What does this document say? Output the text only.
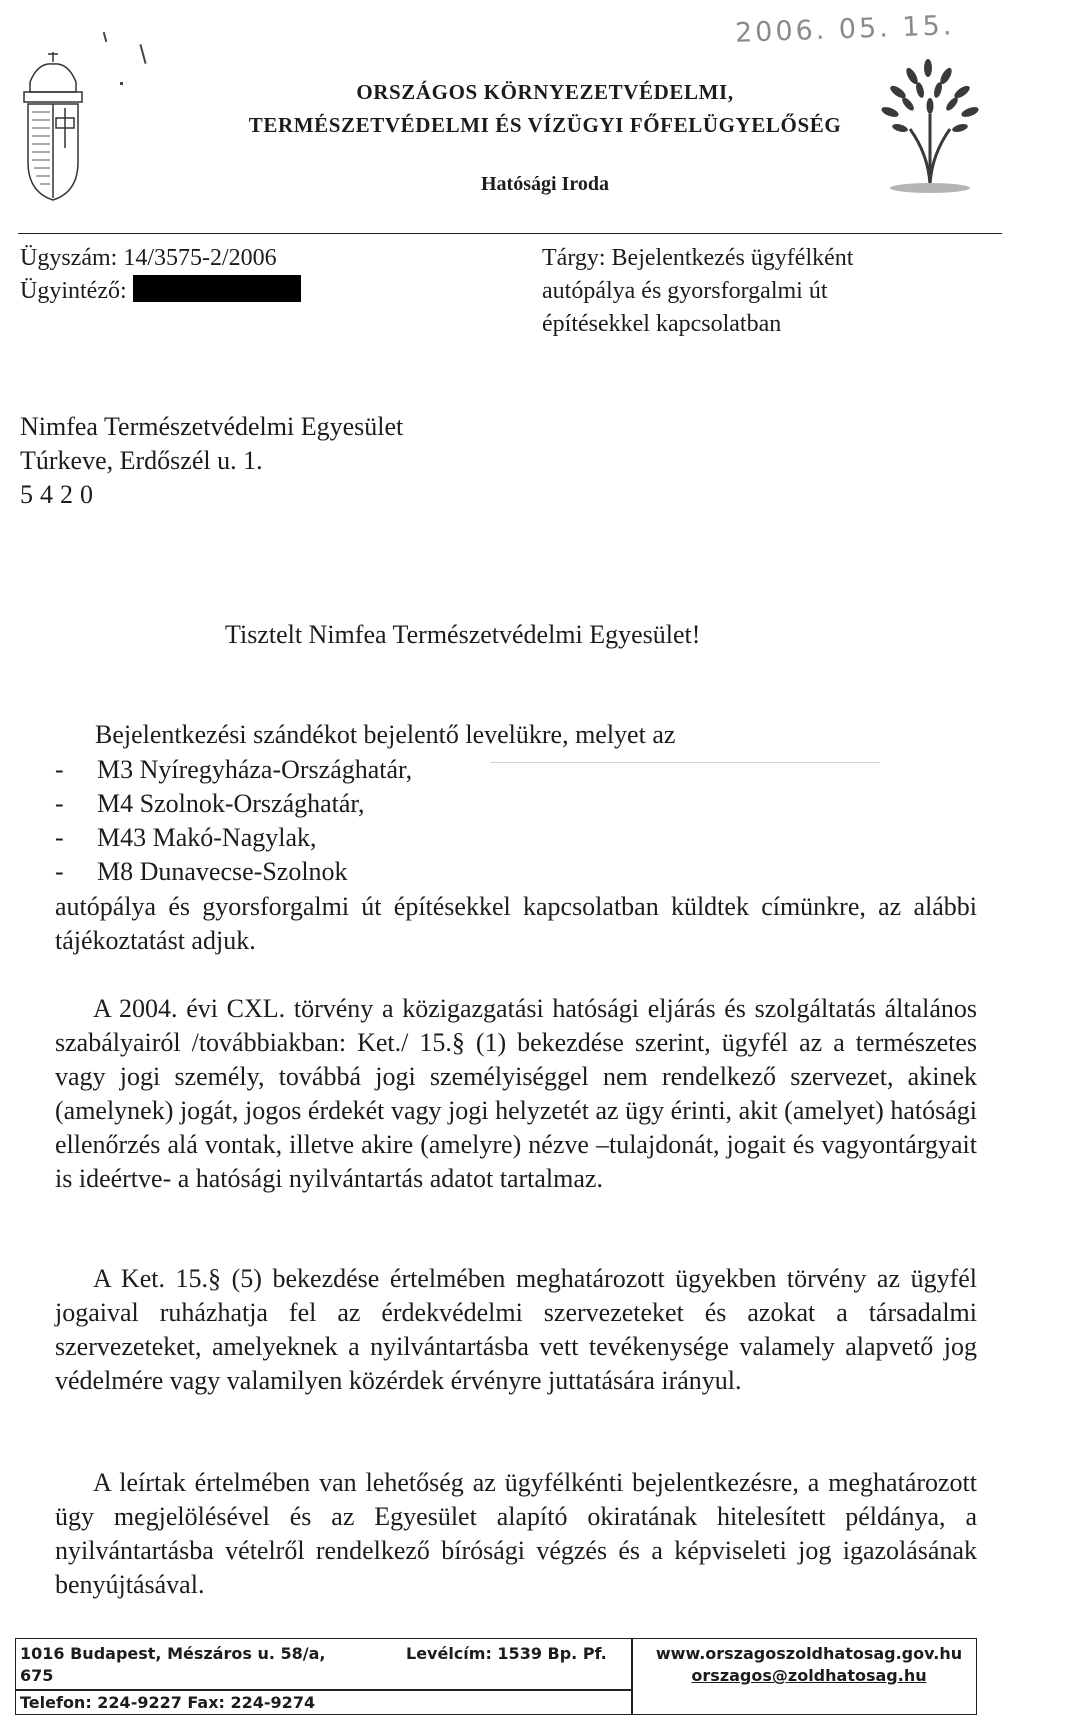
2006. 05. 15.
ORSZÁGOS KÖRNYEZETVÉDELMI,
TERMÉSZETVÉDELMI ÉS VÍZÜGYI FŐFELÜGYELŐSÉG
Hatósági Iroda
Ügyszám: 14/3575-2/2006
Ügyintéző:
Tárgy: Bejelentkezés ügyfélként
autópálya és gyorsforgalmi út
építésekkel kapcsolatban
Nimfea Természetvédelmi Egyesület
Túrkeve, Erdőszél u. 1.
5420
Tisztelt Nimfea Természetvédelmi Egyesület!
Bejelentkezési szándékot bejelentő levelükre, melyet az
- M3 Nyíregyháza-Országhatár,
- M4 Szolnok-Országhatár,
- M43 Makó-Nagylak,
- M8 Dunavecse-Szolnok

autópálya és gyorsforgalmi út építésekkel kapcsolatban küldtek címünkre, az alábbi tájékoztatást adjuk.

A 2004. évi CXL. törvény a közigazgatási hatósági eljárás és szolgáltatás általános szabályairól /továbbiakban: Ket./ 15.§ (1) bekezdése szerint, ügyfél az a természetes vagy jogi személy, továbbá jogi személyiséggel nem rendelkező szervezet, akinek (amelynek) jogát, jogos érdekét vagy jogi helyzetét az ügy érinti, akit (amelyet) hatósági ellenőrzés alá vontak, illetve akire (amelyre) nézve –tulajdonát, jogait és vagyontárgyait is ideértve- a hatósági nyilvántartás adatot tartalmaz.

A Ket. 15.§ (5) bekezdése értelmében meghatározott ügyekben törvény az ügyfél jogaival ruházhatja fel az érdekvédelmi szervezeteket és azokat a társadalmi szervezeteket, amelyeknek a nyilvántartásba vett tevékenysége valamely alapvető jog védelmére vagy valamilyen közérdek érvényre juttatására irányul.

A leírtak értelmében van lehetőség az ügyfélkénti bejelentkezésre, a meghatározott ügy megjelölésével és az Egyesület alapító okiratának hitelesített példánya, a nyilvántartásba vételről rendelkező bírósági végzés és a képviseleti jog igazolásának benyújtásával.

1016 Budapest, Mészáros u. 58/a,
675
Telefon: 224-9227 Fax: 224-9274
Levélcím: 1539 Bp. Pf.	www.orszagoszoldhatosag.gov.hu
orszagos@zoldhatosag.hu
